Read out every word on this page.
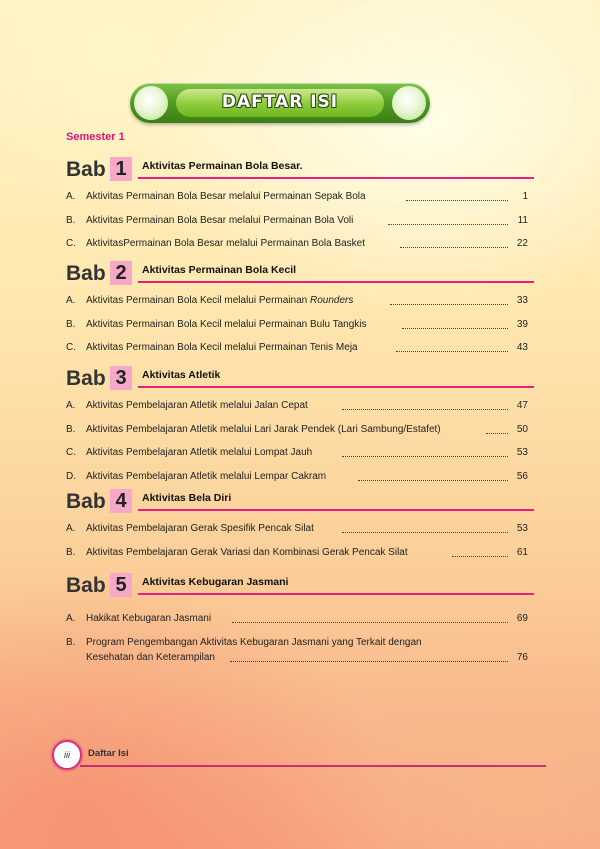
DAFTAR ISI
Semester 1
Bab 1	Aktivitas Permainan Bola Besar.
A. Aktivitas Permainan Bola Besar melalui Permainan Sepak Bola	1
B. Aktivitas Permainan Bola Besar melalui Permainan Bola Voli	11
C. AktivitasPermainan Bola Besar melalui Permainan Bola Basket	22
Bab 2	Aktivitas Permainan Bola Kecil
A. Aktivitas Permainan Bola Kecil melalui Permainan Rounders	33
B. Aktivitas Permainan Bola Kecil melalui Permainan Bulu Tangkis	39
C. Aktivitas Permainan Bola Kecil melalui Permainan Tenis Meja	43
Bab 3	Aktivitas Atletik
A. Aktivitas Pembelajaran Atletik melalui Jalan Cepat	47
B. Aktivitas Pembelajaran Atletik melalui Lari Jarak Pendek (Lari Sambung/Estafet)	50
C. Aktivitas Pembelajaran Atletik melalui Lompat Jauh	53
D. Aktivitas Pembelajaran Atletik melalui Lempar Cakram	56
Bab 4	Aktivitas Bela Diri
A. Aktivitas Pembelajaran Gerak Spesifik Pencak Silat	53
B. Aktivitas Pembelajaran Gerak Variasi dan Kombinasi Gerak Pencak Silat	61
Bab 5	Aktivitas Kebugaran Jasmani
A. Hakikat Kebugaran Jasmani	69
B. Program Pengembangan Aktivitas Kebugaran Jasmani yang Terkait dengan
Kesehatan dan Keterampilan	76
iii	Daftar Isi
